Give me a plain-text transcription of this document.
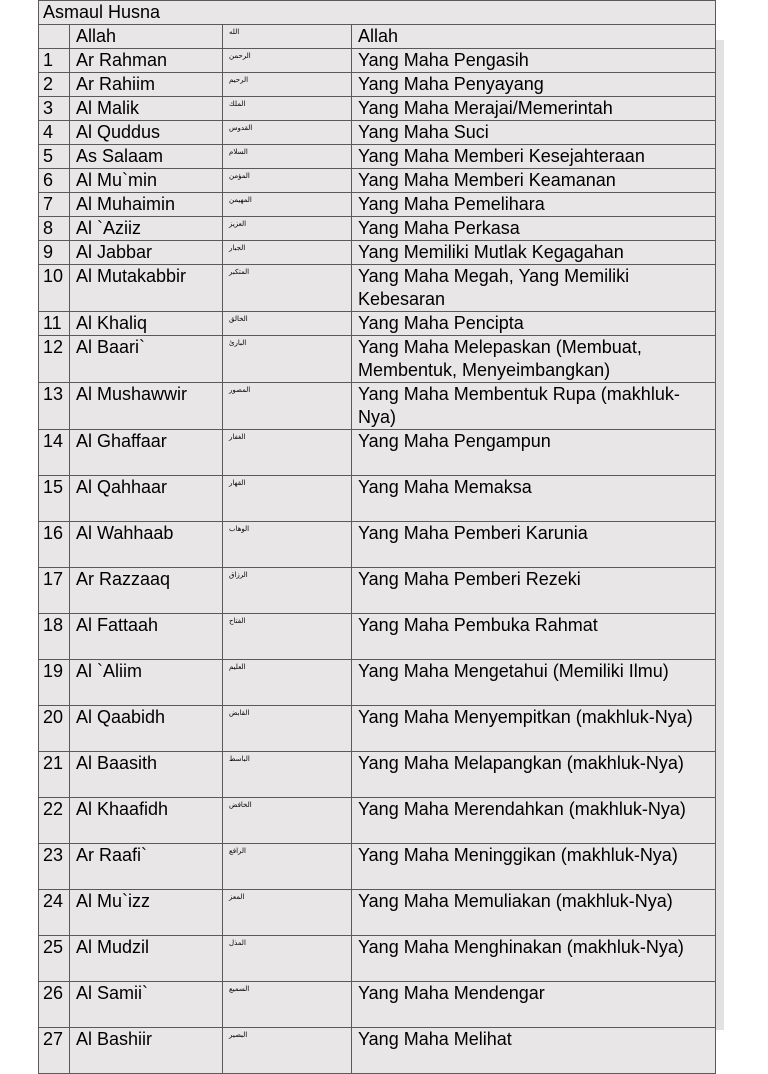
Asmaul Husna			
	Allah	الله	Allah
1	Ar Rahman	الرحمن	Yang Maha Pengasih
2	Ar Rahiim	الرحيم	Yang Maha Penyayang
3	Al Malik	الملك	Yang Maha Merajai/Memerintah
4	Al Quddus	القدوس	Yang Maha Suci
5	As Salaam	السلام	Yang Maha Memberi Kesejahteraan
6	Al Mu`min	المؤمن	Yang Maha Memberi Keamanan
7	Al Muhaimin	المهيمن	Yang Maha Pemelihara
8	Al `Aziiz	العزيز	Yang Maha Perkasa
9	Al Jabbar	الجبار	Yang Memiliki Mutlak Kegagahan
10	Al Mutakabbir	المتكبر	Yang Maha Megah, Yang Memiliki Kebesaran
11	Al Khaliq	الخالق	Yang Maha Pencipta
12	Al Baari`	البارئ	Yang Maha Melepaskan (Membuat, Membentuk, Menyeimbangkan)
13	Al Mushawwir	المصور	Yang Maha Membentuk Rupa (makhluk-Nya)
14	Al Ghaffaar	الغفار	Yang Maha Pengampun
15	Al Qahhaar	القهار	Yang Maha Memaksa
16	Al Wahhaab	الوهاب	Yang Maha Pemberi Karunia
17	Ar Razzaaq	الرزاق	Yang Maha Pemberi Rezeki
18	Al Fattaah	الفتاح	Yang Maha Pembuka Rahmat
19	Al `Aliim	العليم	Yang Maha Mengetahui (Memiliki Ilmu)
20	Al Qaabidh	القابض	Yang Maha Menyempitkan (makhluk-Nya)
21	Al Baasith	الباسط	Yang Maha Melapangkan (makhluk-Nya)
22	Al Khaafidh	الخافض	Yang Maha Merendahkan (makhluk-Nya)
23	Ar Raafi`	الرافع	Yang Maha Meninggikan (makhluk-Nya)
24	Al Mu`izz	المعز	Yang Maha Memuliakan (makhluk-Nya)
25	Al Mudzil	المذل	Yang Maha Menghinakan (makhluk-Nya)
26	Al Samii`	السميع	Yang Maha Mendengar
27	Al Bashiir	البصير	Yang Maha Melihat
